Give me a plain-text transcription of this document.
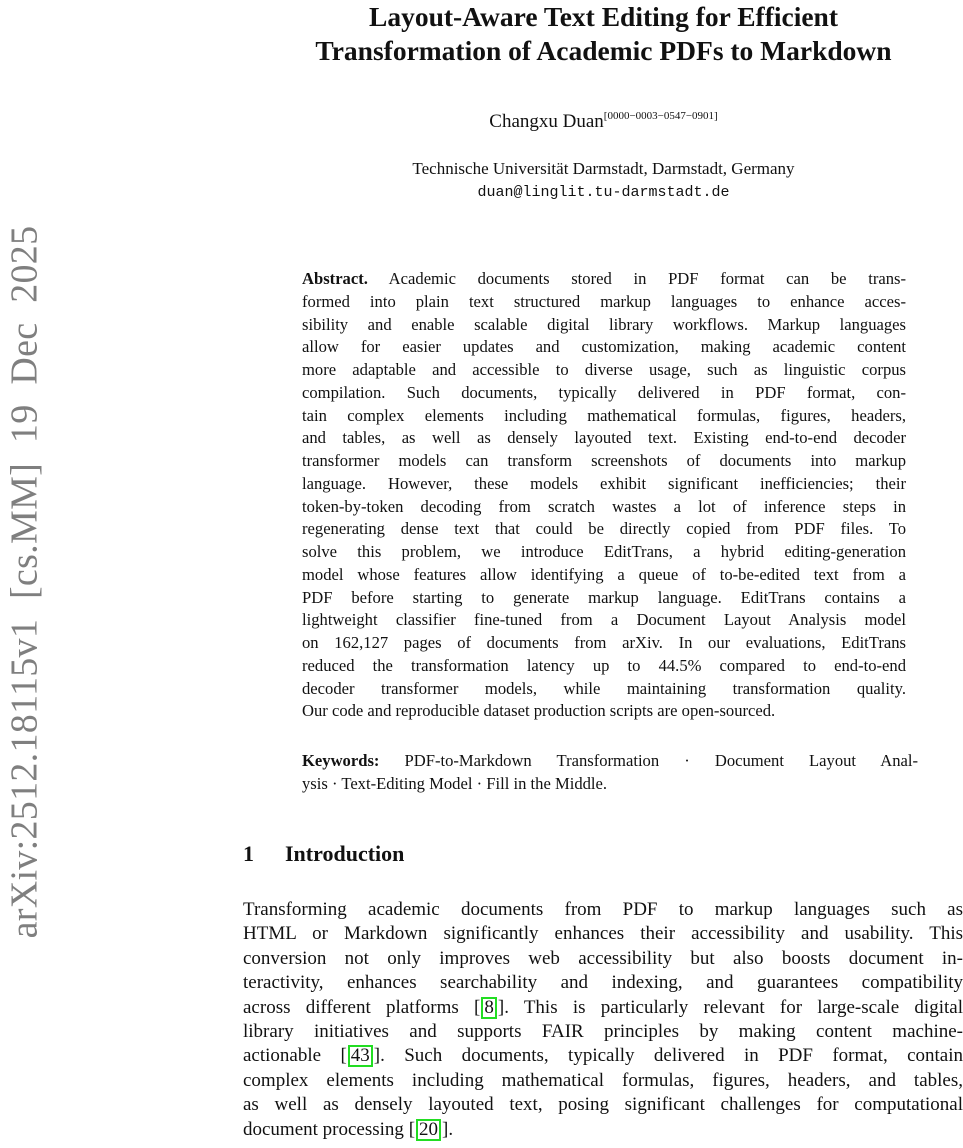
arXiv:2512.18115v1 [cs.MM] 19 Dec 2025
Layout-Aware Text Editing for Efficient
Transformation of Academic PDFs to Markdown
Changxu Duan[0000−0003−0547−0901]
Technische Universität Darmstadt, Darmstadt, Germany
duan@linglit.tu-darmstadt.de
Abstract. Academic documents stored in PDF format can be trans-
formed into plain text structured markup languages to enhance acces-
sibility and enable scalable digital library workflows. Markup languages
allow for easier updates and customization, making academic content
more adaptable and accessible to diverse usage, such as linguistic corpus
compilation. Such documents, typically delivered in PDF format, con-
tain complex elements including mathematical formulas, figures, headers,
and tables, as well as densely layouted text. Existing end-to-end decoder
transformer models can transform screenshots of documents into markup
language. However, these models exhibit significant inefficiencies; their
token-by-token decoding from scratch wastes a lot of inference steps in
regenerating dense text that could be directly copied from PDF files. To
solve this problem, we introduce EditTrans, a hybrid editing-generation
model whose features allow identifying a queue of to-be-edited text from a
PDF before starting to generate markup language. EditTrans contains a
lightweight classifier fine-tuned from a Document Layout Analysis model
on 162,127 pages of documents from arXiv. In our evaluations, EditTrans
reduced the transformation latency up to 44.5% compared to end-to-end
decoder transformer models, while maintaining transformation quality.
Our code and reproducible dataset production scripts are open-sourced.
Keywords: PDF-to-Markdown Transformation · Document Layout Anal-
ysis · Text-Editing Model · Fill in the Middle.
1 Introduction
Transforming academic documents from PDF to markup languages such as
HTML or Markdown significantly enhances their accessibility and usability. This
conversion not only improves web accessibility but also boosts document in-
teractivity, enhances searchability and indexing, and guarantees compatibility
across different platforms [ 8 ]. This is particularly relevant for large-scale digital
library initiatives and supports FAIR principles by making content machine-
actionable [ 43 ]. Such documents, typically delivered in PDF format, contain
complex elements including mathematical formulas, figures, headers, and tables,
as well as densely layouted text, posing significant challenges for computational
document processing [ 20 ].
